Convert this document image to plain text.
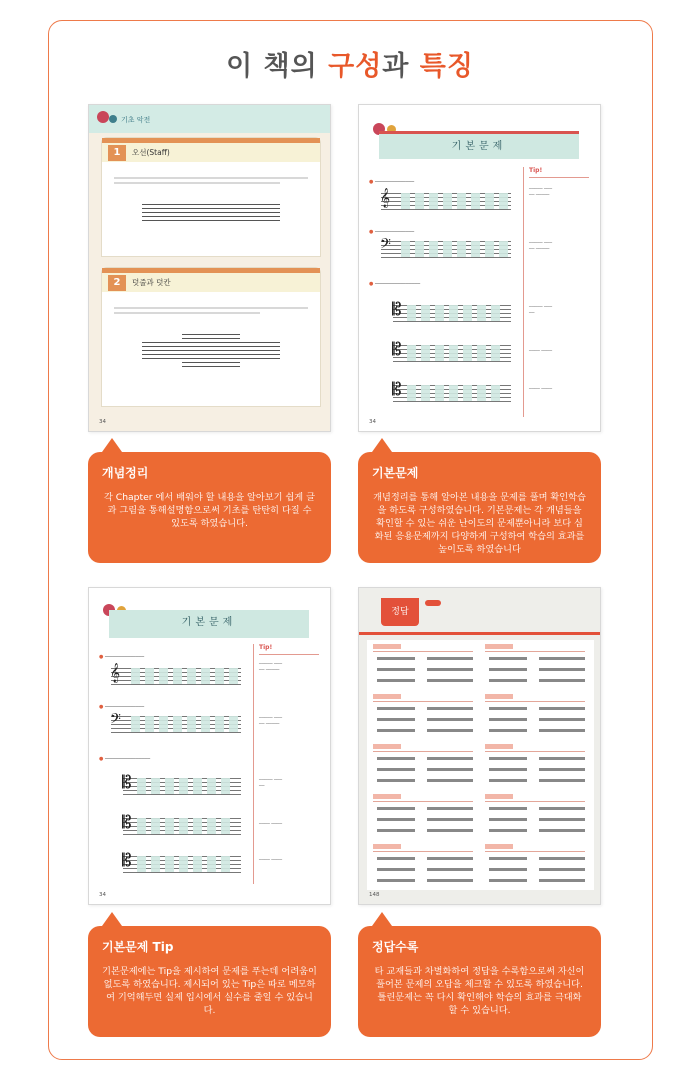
이 책의 구성과 특징
기초 악전
1	오선(Staff)
2	덧줄과 덧칸
34
기본문제
● ─────────────
𝄞
● ─────────────
𝄢
● ───────────────
𝄡
𝄡
𝄡
Tip!
───── ───
── ─────
───── ───
── ─────
───── ───
──
──── ────
──── ────
34
기본문제
● ─────────────
𝄞
● ─────────────
𝄢
● ───────────────
𝄡
𝄡
𝄡
Tip!
───── ───
── ─────
───── ───
── ─────
───── ───
──
──── ────
──── ────
34
정답
148
개념정리

각 Chapter 에서 배워야 할 내용을 알아보기 쉽게 글과 그림을 통해설명함으로써 기초를 탄탄히 다질 수 있도록 하였습니다.

기본문제

개념정리를 통해 알아본 내용을 문제를 풀며 확인학습을 하도록 구성하였습니다. 기본문제는 각 개념들을 확인할 수 있는 쉬운 난이도의 문제뿐아니라 보다 심화된 응용문제까지 다양하게 구성하여 학습의 효과를 높이도록 하였습니다

기본문제 Tip

기본문제에는 Tip을 제시하여 문제를 푸는데 어려움이 없도록 하였습니다. 제시되어 있는 Tip은 따로 메모하여 기억해두면 실제 입시에서 실수를 줄일 수 있습니다.

정답수록

타 교재들과 차별화하여 정답을 수록함으로써 자신이 풀어본 문제의 오답을 체크할 수 있도록 하였습니다. 틀린문제는 꼭 다시 확인해야 학습의 효과를 극대화 할 수 있습니다.
